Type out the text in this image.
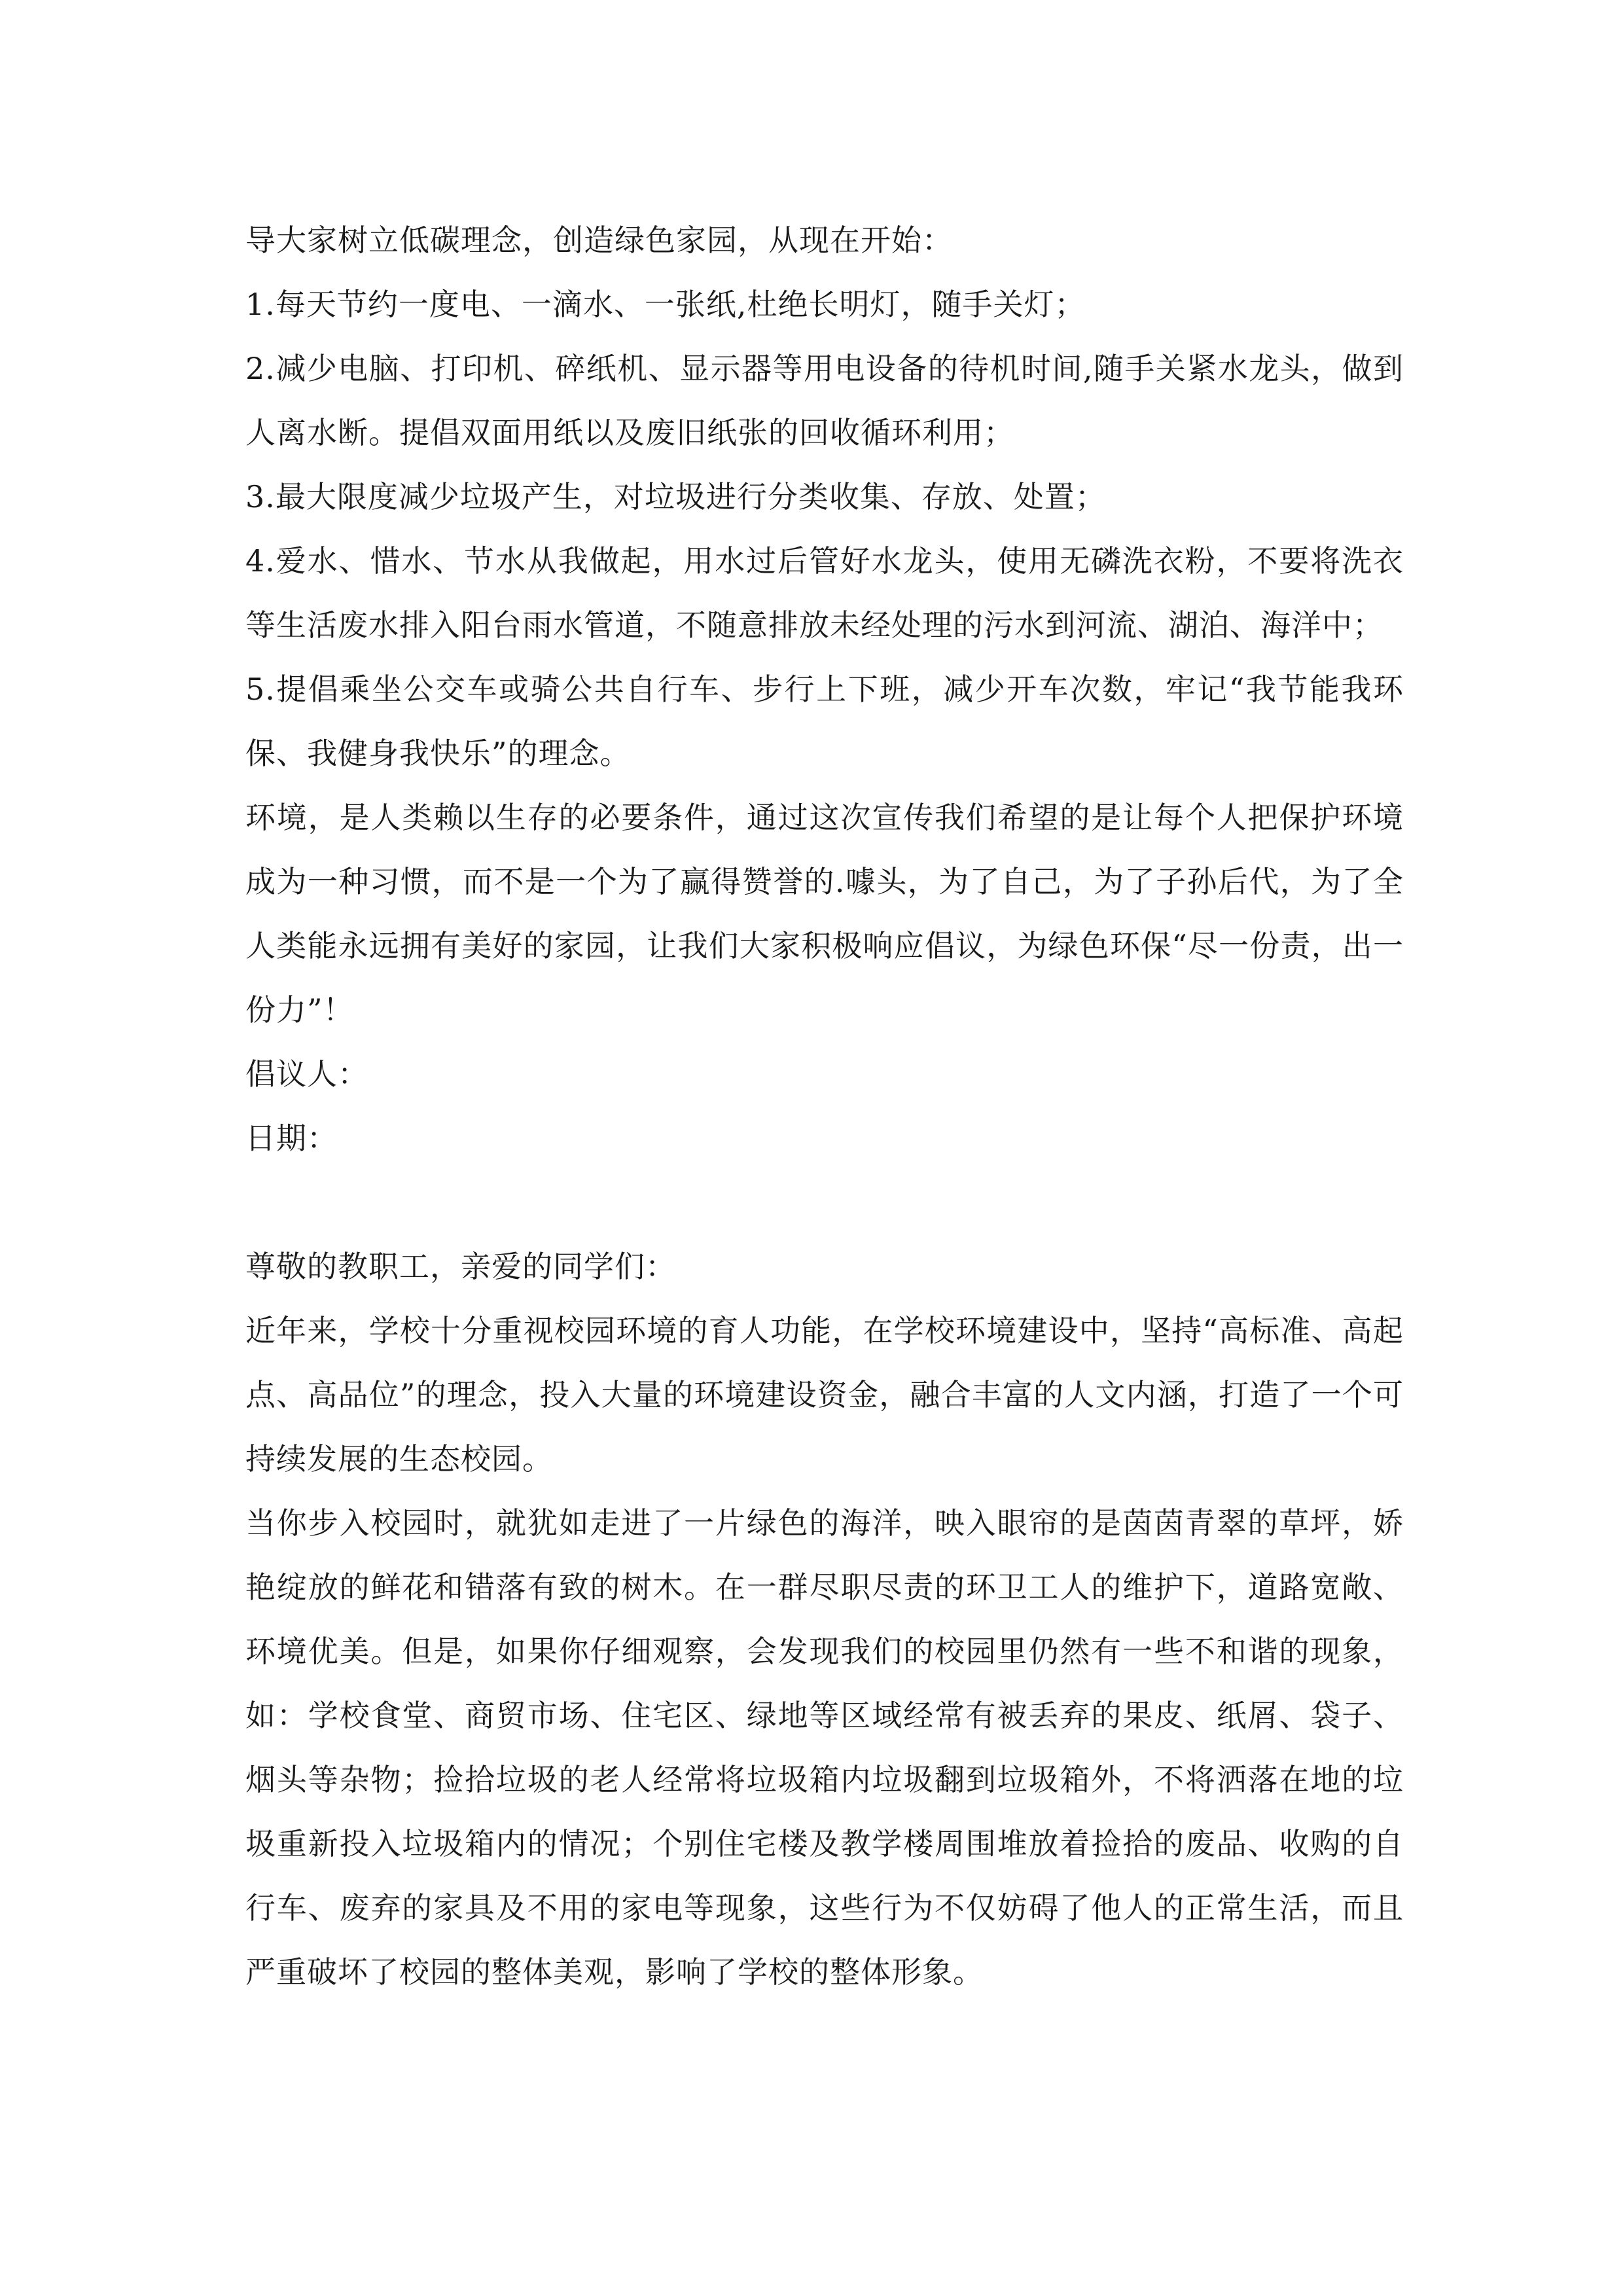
导大家树立低碳理念，创造绿色家园，从现在开始：

1.每天节约一度电、一滴水、一张纸,杜绝长明灯，随手关灯；

2.减少电脑、打印机、碎纸机、显示器等用电设备的待机时间,随手关紧水龙头，做到人离水断。提倡双面用纸以及废旧纸张的回收循环利用；

3.最大限度减少垃圾产生，对垃圾进行分类收集、存放、处置；

4.爱水、惜水、节水从我做起，用水过后管好水龙头，使用无磷洗衣粉，不要将洗衣等生活废水排入阳台雨水管道，不随意排放未经处理的污水到河流、湖泊、海洋中；

5.提倡乘坐公交车或骑公共自行车、步行上下班，减少开车次数，牢记“我节能我环保、我健身我快乐”的理念。

环境，是人类赖以生存的必要条件，通过这次宣传我们希望的是让每个人把保护环境成为一种习惯，而不是一个为了赢得赞誉的.噱头，为了自己，为了子孙后代，为了全人类能永远拥有美好的家园，让我们大家积极响应倡议，为绿色环保“尽一份责，出一份力”！

倡议人：

日期：

尊敬的教职工，亲爱的同学们：

近年来，学校十分重视校园环境的育人功能，在学校环境建设中，坚持“高标准、高起点、高品位”的理念，投入大量的环境建设资金，融合丰富的人文内涵，打造了一个可持续发展的生态校园。

当你步入校园时，就犹如走进了一片绿色的海洋，映入眼帘的是茵茵青翠的草坪，娇艳绽放的鲜花和错落有致的树木。在一群尽职尽责的环卫工人的维护下，道路宽敞、环境优美。但是，如果你仔细观察，会发现我们的校园里仍然有一些不和谐的现象，如：学校食堂、商贸市场、住宅区、绿地等区域经常有被丢弃的果皮、纸屑、袋子、烟头等杂物；捡拾垃圾的老人经常将垃圾箱内垃圾翻到垃圾箱外，不将洒落在地的垃圾重新投入垃圾箱内的情况；个别住宅楼及教学楼周围堆放着捡拾的废品、收购的自行车、废弃的家具及不用的家电等现象，这些行为不仅妨碍了他人的正常生活，而且严重破坏了校园的整体美观，影响了学校的整体形象。
